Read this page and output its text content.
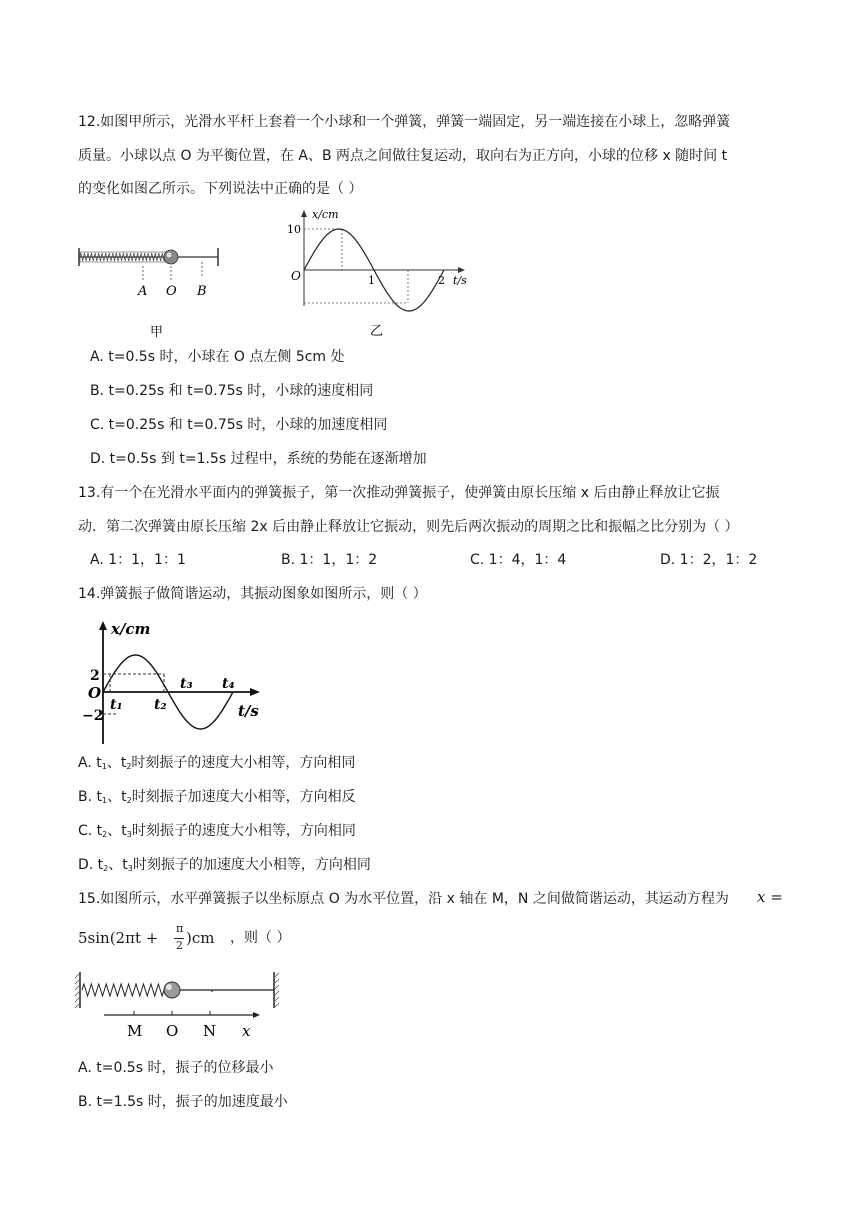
12.如图甲所示，光滑水平杆上套着一个小球和一个弹簧，弹簧一端固定，另一端连接在小球上，忽略弹簧
质量。小球以点 O 为平衡位置，在 A、B 两点之间做往复运动，取向右为正方向，小球的位移 x 随时间 t
的变化如图乙所示。下列说法中正确的是（ ）
A O B
甲
x/cm
10
O	1	2 t/s
乙
A. t=0.5s 时，小球在 O 点左侧 5cm 处
B. t=0.25s 和 t=0.75s 时，小球的速度相同
C. t=0.25s 和 t=0.75s 时，小球的加速度相同
D. t=0.5s 到 t=1.5s 过程中，系统的势能在逐渐增加
13.有一个在光滑水平面内的弹簧振子，第一次推动弹簧振子，使弹簧由原长压缩 x 后由静止释放让它振
动．第二次弹簧由原长压缩 2x 后由静止释放让它振动，则先后两次振动的周期之比和振幅之比分别为（ ）
A. 1：1，1：1	B. 1：1，1：2	C. 1：4，1：4	D. 1：2，1：2
14.弹簧振子做简谐运动，其振动图象如图所示，则（ ）
x/cm
2
−2
O
t₁ t₂
t₃ t₄
t/s
A. $t_1$、$t_2$时刻振子的速度大小相等，方向相同
B. $t_1$、$t_2$时刻振子加速度大小相等，方向相反
C. $t_2$、$t_3$时刻振子的速度大小相等，方向相同
D. $t_2$、$t_3$时刻振子的加速度大小相等，方向相同
15.如图所示，水平弹簧振子以坐标原点 O 为水平位置，沿 x 轴在 M，N 之间做简谐运动，其运动方程为 x =
5sin(2πt +
π
2 )cm ，则（ ）
M O N x
A. t=0.5s 时，振子的位移最小
B. t=1.5s 时，振子的加速度最小
